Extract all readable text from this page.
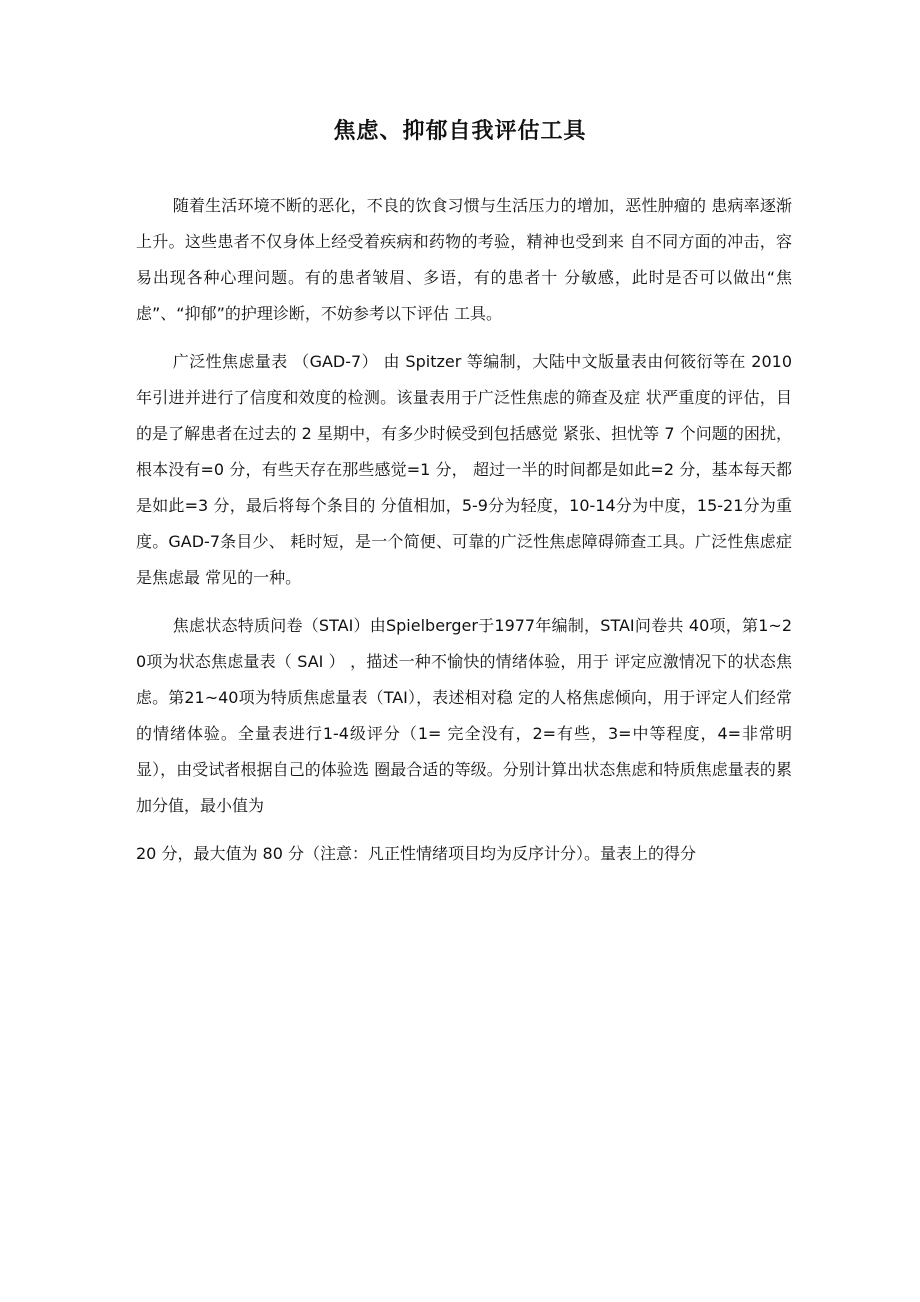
焦虑、抑郁自我评估工具

随着生活环境不断的恶化，不良的饮食习惯与生活压力的增加，恶性肿瘤的 患病率逐渐上升。这些患者不仅身体上经受着疾病和药物的考验，精神也受到来 自不同方面的冲击，容易出现各种心理问题。有的患者皱眉、多语，有的患者十 分敏感，此时是否可以做出“焦虑”、“抑郁”的护理诊断，不妨参考以下评估 工具。

广泛性焦虑量表 （GAD-7） 由 Spitzer 等编制，大陆中文版量表由何筱衍等在 2010 年引进并进行了信度和效度的检测。该量表用于广泛性焦虑的筛查及症 状严重度的评估，目的是了解患者在过去的 2 星期中，有多少时候受到包括感觉 紧张、担忧等 7 个问题的困扰，根本没有=0 分，有些天存在那些感觉=1 分， 超过一半的时间都是如此=2 分，基本每天都是如此=3 分，最后将每个条目的 分值相加，5-9分为轻度，10-14分为中度，15-21分为重度。GAD-7条目少、 耗时短，是一个简便、可靠的广泛性焦虑障碍筛查工具。广泛性焦虑症是焦虑最 常见的一种。

焦虑状态特质问卷（STAI）由Spielberger于1977年编制，STAI问卷共 40项，第1~20项为状态焦虑量表（ SAI ） ，描述一种不愉快的情绪体验，用于 评定应激情况下的状态焦虑。第21~40项为特质焦虑量表（TAI），表述相对稳 定的人格焦虑倾向，用于评定人们经常的情绪体验。全量表进行1-4级评分（1= 完全没有，2=有些，3=中等程度，4=非常明显），由受试者根据自己的体验选 圈最合适的等级。分别计算出状态焦虑和特质焦虑量表的累加分值，最小值为

20 分，最大值为 80 分（注意：凡正性情绪项目均为反序计分）。量表上的得分
